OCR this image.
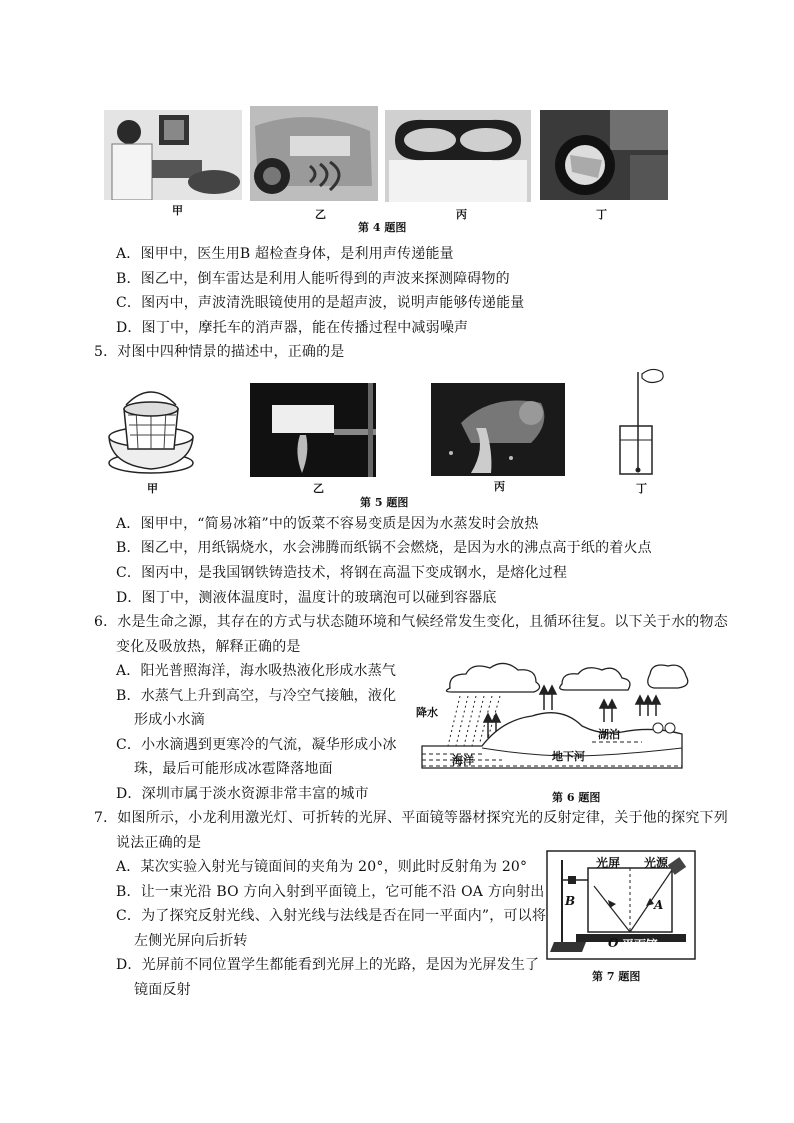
甲	乙	丙	丁
第 4 题图
A．图甲中，医生用B 超检查身体，是利用声传递能量
B．图乙中，倒车雷达是利用人能听得到的声波来探测障碍物的
C．图丙中，声波清洗眼镜使用的是超声波，说明声能够传递能量
D．图丁中，摩托车的消声器，能在传播过程中减弱噪声
5．对图中四种情景的描述中，正确的是
甲	乙	丙	丁
第 5 题图
A．图甲中，“简易冰箱”中的饭菜不容易变质是因为水蒸发时会放热
B．图乙中，用纸锅烧水，水会沸腾而纸锅不会燃烧，是因为水的沸点高于纸的着火点
C．图丙中，是我国钢铁铸造技术，将钢在高温下变成钢水，是熔化过程
D．图丁中，测液体温度时，温度计的玻璃泡可以碰到容器底
6．水是生命之源，其存在的方式与状态随环境和气候经常发生变化，且循环往复。以下关于水的物态
变化及吸放热，解释正确的是
A．阳光普照海洋，海水吸热液化形成水蒸气
B．水蒸气上升到高空，与冷空气接触，液化
形成小水滴
C．小水滴遇到更寒冷的气流，凝华形成小冰
珠，最后可能形成冰雹降落地面
D．深圳市属于淡水资源非常丰富的城市
降水
海洋
湖泊
地下河
第 6 题图
7．如图所示，小龙利用激光灯、可折转的光屏、平面镜等器材探究光的反射定律，关于他的探究下列
说法正确的是
A．某次实验入射光与镜面间的夹角为 20°，则此时反射角为 20°
B．让一束光沿 BO 方向入射到平面镜上，它可能不沿 OA 方向射出
C．为了探究反射光线、入射光线与法线是否在同一平面内”，可以将
左侧光屏向后折转
D．光屏前不同位置学生都能看到光屏上的光路，是因为光屏发生了
镜面反射
光屏 光源
B	A
O 平面镜
第 7 题图
